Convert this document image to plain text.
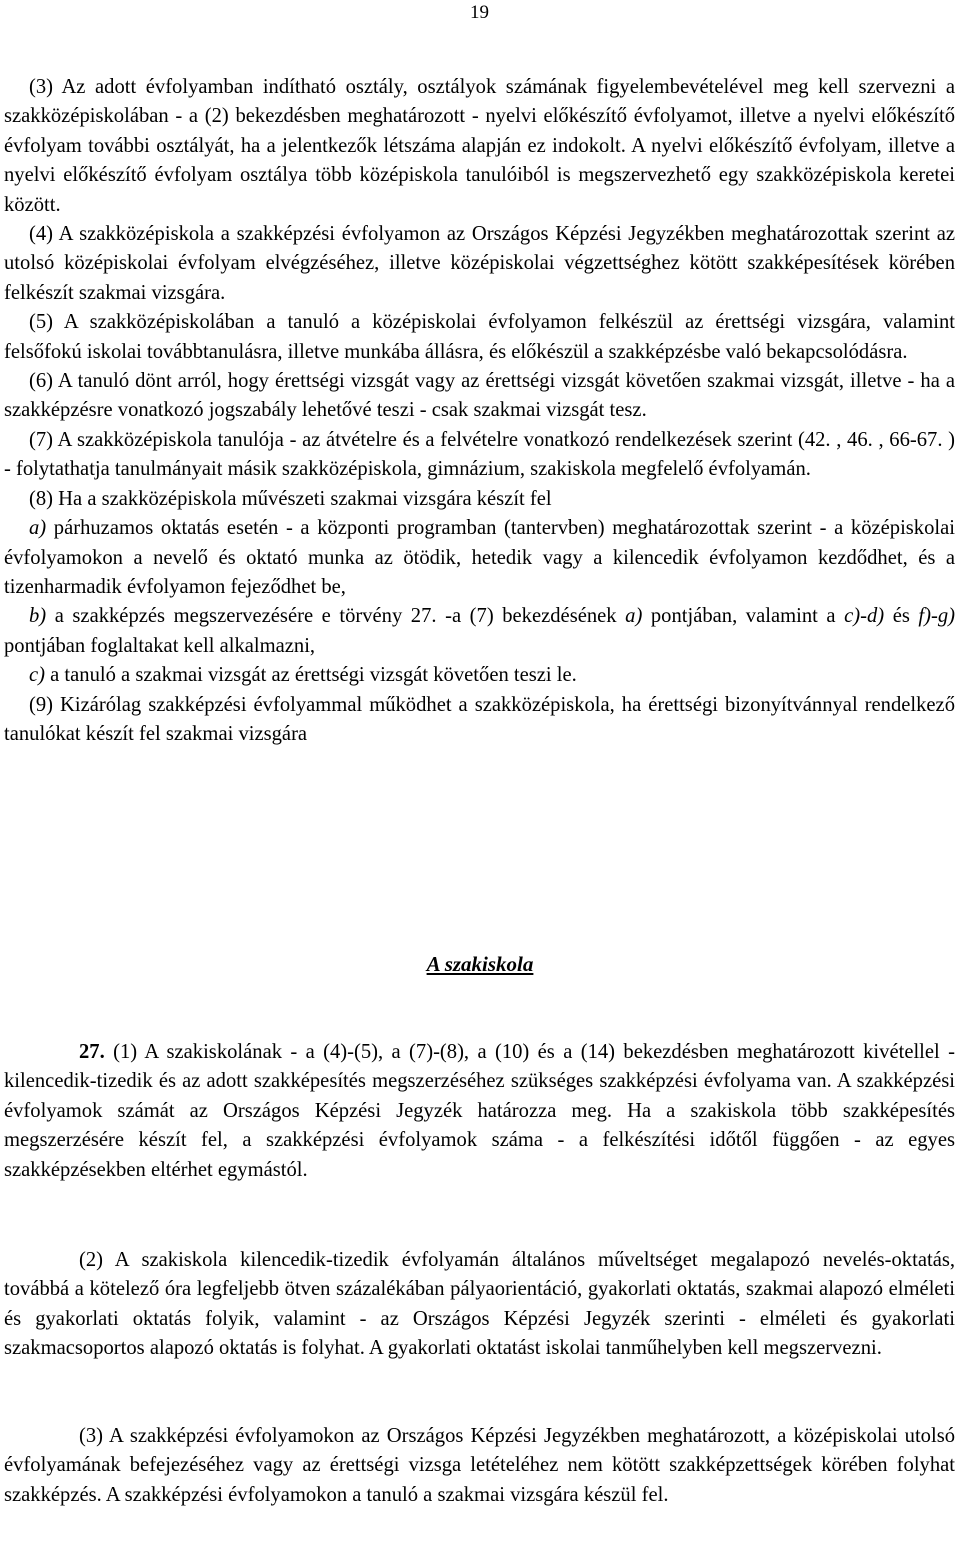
19

(3) Az adott évfolyamban indítható osztály, osztályok számának figyelembevételével meg kell szervezni a szakközépiskolában - a (2) bekezdésben meghatározott - nyelvi előkészítő évfolyamot, illetve a nyelvi előkészítő évfolyam további osztályát, ha a jelentkezők létszáma alapján ez indokolt. A nyelvi előkészítő évfolyam, illetve a nyelvi előkészítő évfolyam osztálya több középiskola tanulóiból is megszervezhető egy szakközépiskola keretei között.

(4) A szakközépiskola a szakképzési évfolyamon az Országos Képzési Jegyzékben meghatározottak szerint az utolsó középiskolai évfolyam elvégzéséhez, illetve középiskolai végzettséghez kötött szakképesítések körében felkészít szakmai vizsgára.

(5) A szakközépiskolában a tanuló a középiskolai évfolyamon felkészül az érettségi vizsgára, valamint felsőfokú iskolai továbbtanulásra, illetve munkába állásra, és előkészül a szakképzésbe való bekapcsolódásra.

(6) A tanuló dönt arról, hogy érettségi vizsgát vagy az érettségi vizsgát követően szakmai vizsgát, illetve - ha a szakképzésre vonatkozó jogszabály lehetővé teszi - csak szakmai vizsgát tesz.

(7) A szakközépiskola tanulója - az átvételre és a felvételre vonatkozó rendelkezések szerint (42. , 46. , 66-67. ) - folytathatja tanulmányait másik szakközépiskola, gimnázium, szakiskola megfelelő évfolyamán.

(8) Ha a szakközépiskola művészeti szakmai vizsgára készít fel

a) párhuzamos oktatás esetén - a központi programban (tantervben) meghatározottak szerint - a középiskolai évfolyamokon a nevelő és oktató munka az ötödik, hetedik vagy a kilencedik évfolyamon kezdődhet, és a tizenharmadik évfolyamon fejeződhet be,

b) a szakképzés megszervezésére e törvény 27. -a (7) bekezdésének a) pontjában, valamint a c)-d) és f)-g) pontjában foglaltakat kell alkalmazni,

c) a tanuló a szakmai vizsgát az érettségi vizsgát követően teszi le.

(9) Kizárólag szakképzési évfolyammal működhet a szakközépiskola, ha érettségi bizonyítvánnyal rendelkező tanulókat készít fel szakmai vizsgára

A szakiskola

27. (1) A szakiskolának - a (4)-(5), a (7)-(8), a (10) és a (14) bekezdésben meghatározott kivétellel - kilencedik-tizedik és az adott szakképesítés megszerzéséhez szükséges szakképzési évfolyama van. A szakképzési évfolyamok számát az Országos Képzési Jegyzék határozza meg. Ha a szakiskola több szakképesítés megszerzésére készít fel, a szakképzési évfolyamok száma - a felkészítési időtől függően - az egyes szakképzésekben eltérhet egymástól.

(2) A szakiskola kilencedik-tizedik évfolyamán általános műveltséget megalapozó nevelés-oktatás, továbbá a kötelező óra legfeljebb ötven százalékában pályaorientáció, gyakorlati oktatás, szakmai alapozó elméleti és gyakorlati oktatás folyik, valamint - az Országos Képzési Jegyzék szerinti - elméleti és gyakorlati szakmacsoportos alapozó oktatás is folyhat. A gyakorlati oktatást iskolai tanműhelyben kell megszervezni.

(3) A szakképzési évfolyamokon az Országos Képzési Jegyzékben meghatározott, a középiskolai utolsó évfolyamának befejezéséhez vagy az érettségi vizsga letételéhez nem kötött szakképzettségek körében folyhat szakképzés. A szakképzési évfolyamokon a tanuló a szakmai vizsgára készül fel.
